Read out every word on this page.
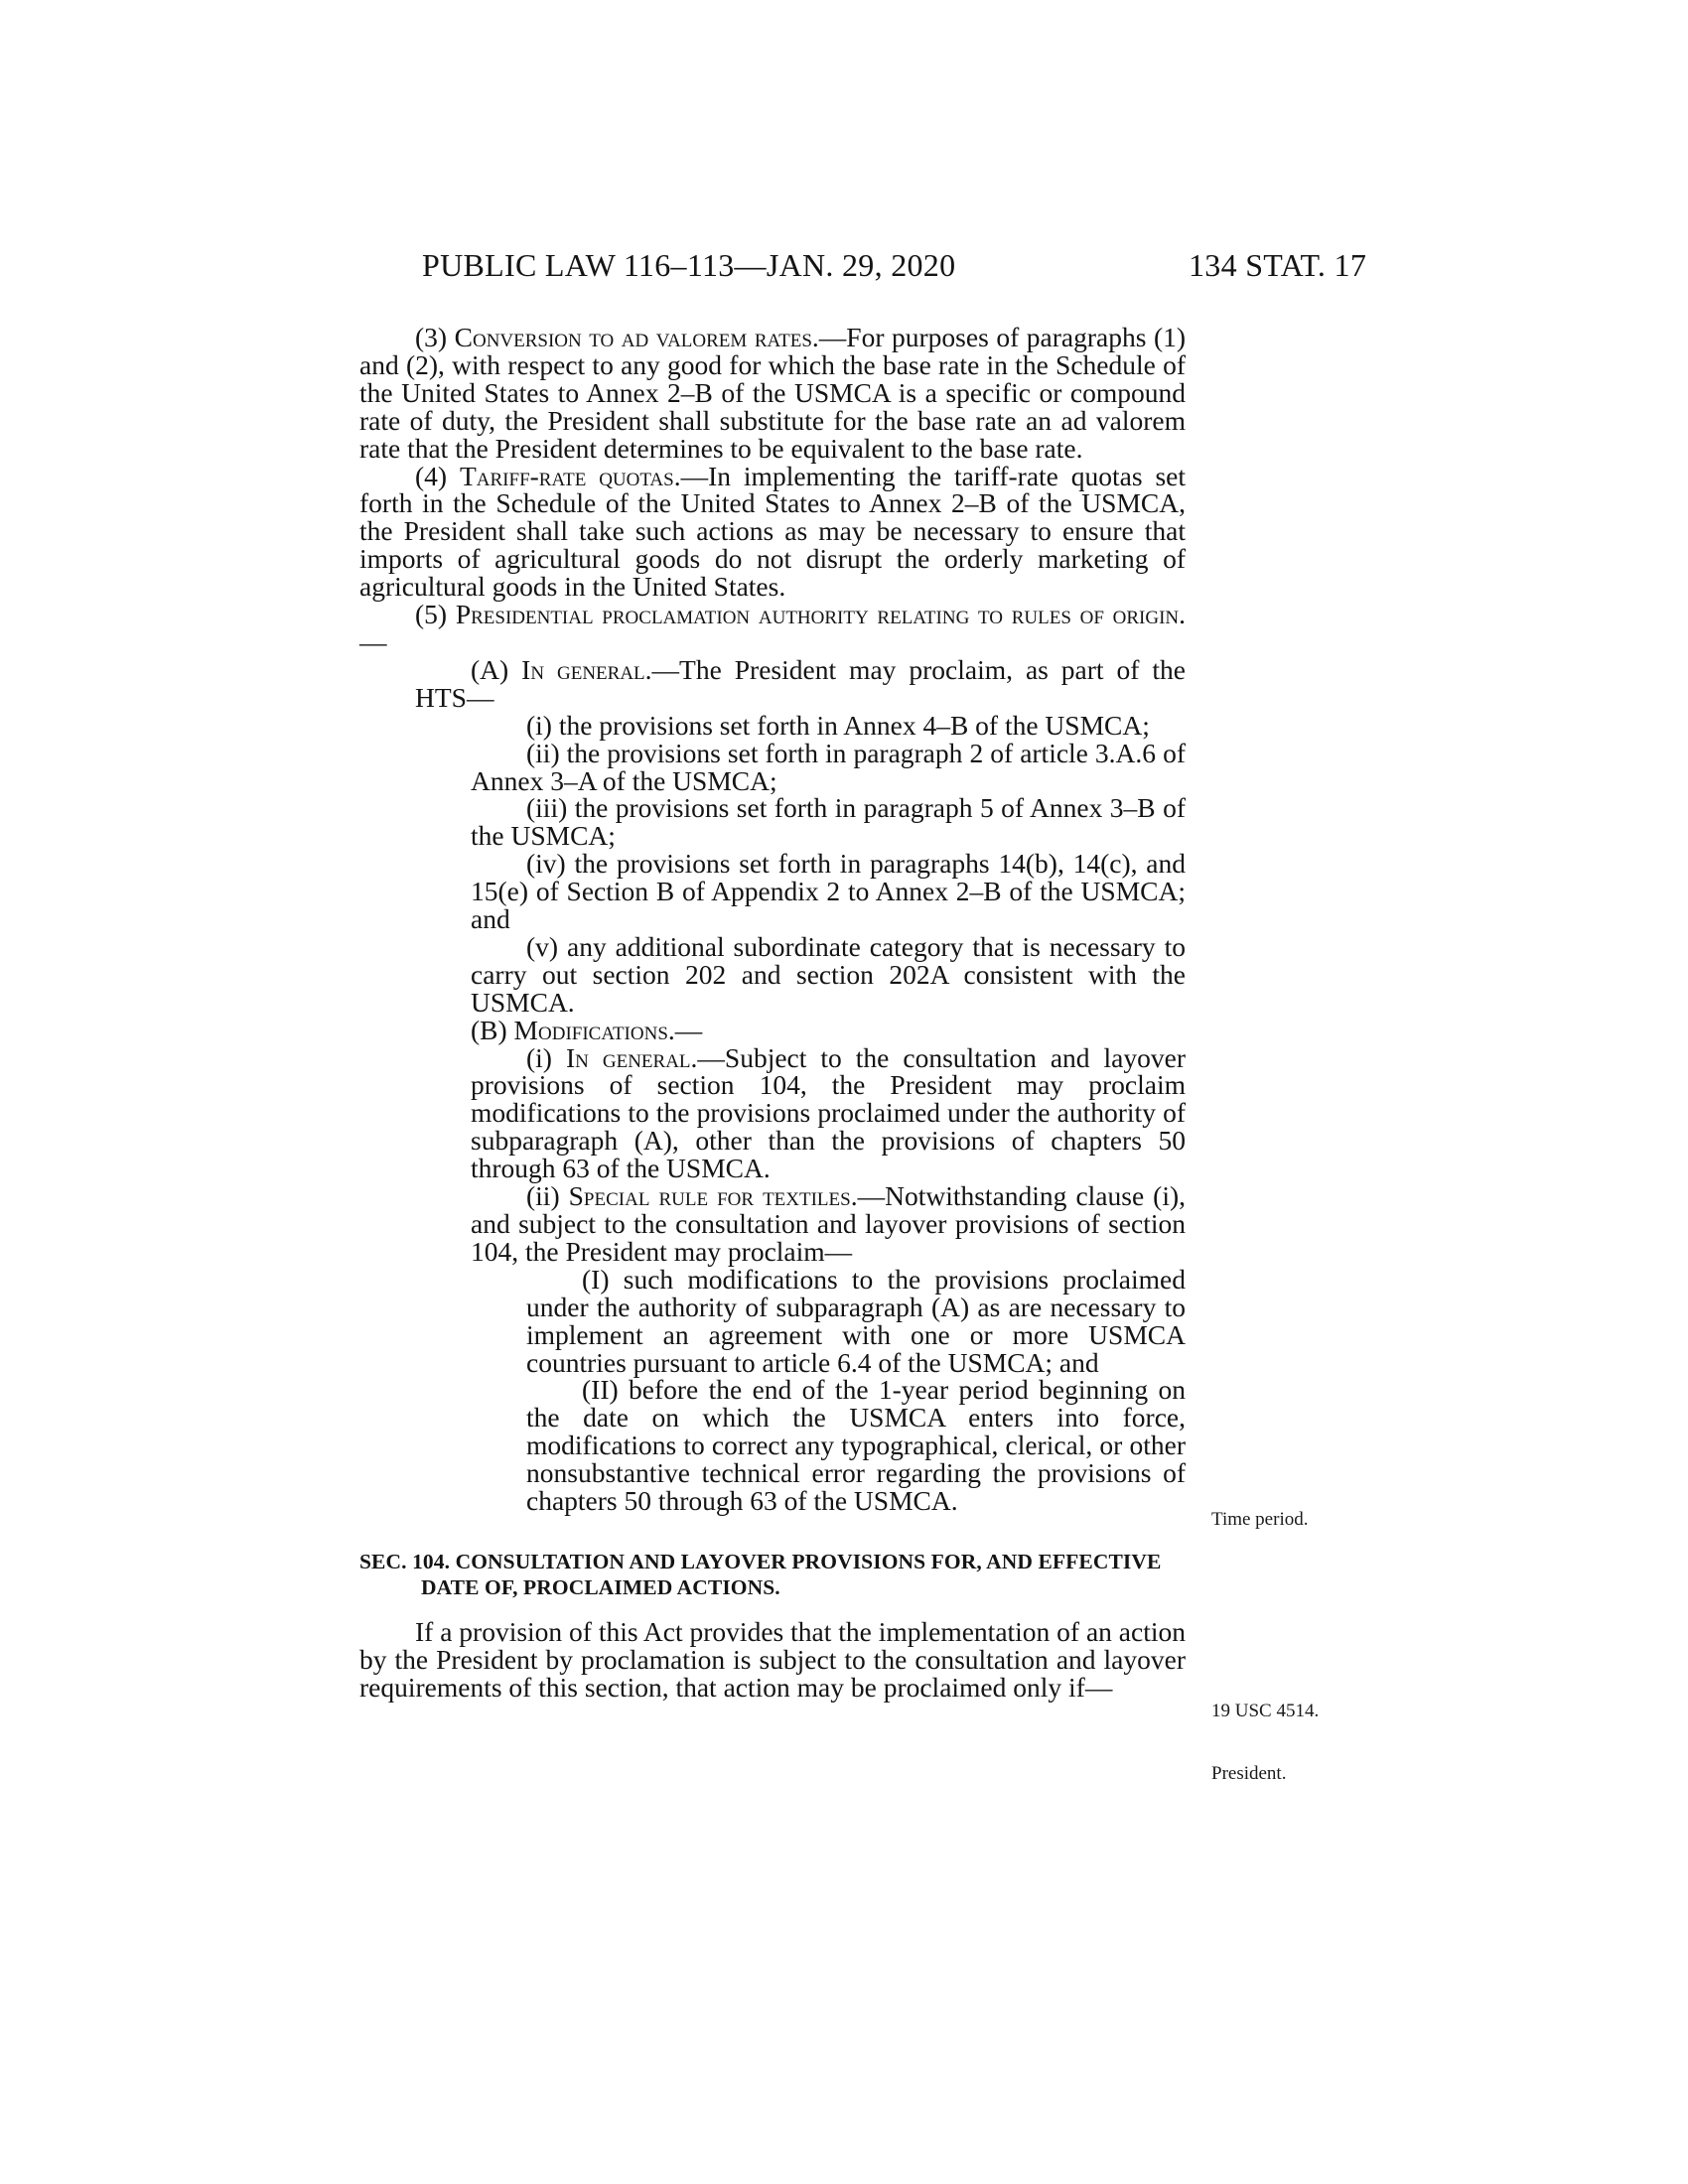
PUBLIC LAW 116–113—JAN. 29, 2020	134 STAT. 17

(3) Conversion to ad valorem rates.—For purposes of paragraphs (1) and (2), with respect to any good for which the base rate in the Schedule of the United States to Annex 2–B of the USMCA is a specific or compound rate of duty, the President shall substitute for the base rate an ad valorem rate that the President determines to be equivalent to the base rate.

(4) Tariff-rate quotas.—In implementing the tariff-rate quotas set forth in the Schedule of the United States to Annex 2–B of the USMCA, the President shall take such actions as may be necessary to ensure that imports of agricultural goods do not disrupt the orderly marketing of agricultural goods in the United States.

(5) Presidential proclamation authority relating to rules of origin.—

(A) In general.—The President may proclaim, as part of the HTS—

(i) the provisions set forth in Annex 4–B of the USMCA;

(ii) the provisions set forth in paragraph 2 of article 3.A.6 of Annex 3–A of the USMCA;

(iii) the provisions set forth in paragraph 5 of Annex 3–B of the USMCA;

(iv) the provisions set forth in paragraphs 14(b), 14(c), and 15(e) of Section B of Appendix 2 to Annex 2–B of the USMCA; and

(v) any additional subordinate category that is necessary to carry out section 202 and section 202A consistent with the USMCA.

(B) Modifications.—

(i) In general.—Subject to the consultation and layover provisions of section 104, the President may proclaim modifications to the provisions proclaimed under the authority of subparagraph (A), other than the provisions of chapters 50 through 63 of the USMCA.

(ii) Special rule for textiles.—Notwithstanding clause (i), and subject to the consultation and layover provisions of section 104, the President may proclaim—

(I) such modifications to the provisions proclaimed under the authority of subparagraph (A) as are necessary to implement an agreement with one or more USMCA countries pursuant to article 6.4 of the USMCA; and

(II) before the end of the 1-year period beginning on the date on which the USMCA enters into force, modifications to correct any typographical, clerical, or other nonsubstantive technical error regarding the provisions of chapters 50 through 63 of the USMCA.

SEC. 104. CONSULTATION AND LAYOVER PROVISIONS FOR, AND EFFECTIVE DATE OF, PROCLAIMED ACTIONS.

If a provision of this Act provides that the implementation of an action by the President by proclamation is subject to the consultation and layover requirements of this section, that action may be proclaimed only if—

Time period.
19 USC 4514.
President.
